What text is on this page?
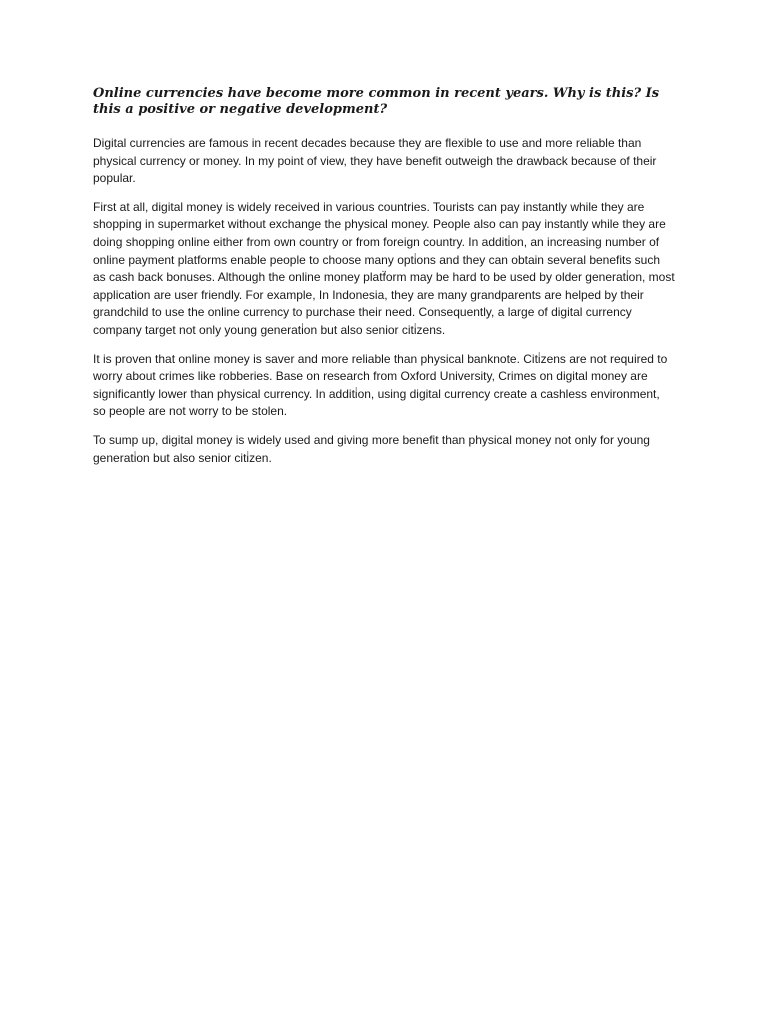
Online currencies have become more common in recent years. Why is this? Is this a positive or negative development?

Digital currencies are famous in recent decades because they are flexible to use and more reliable than physical currency or money. In my point of view, they have benefit outweigh the drawback because of their popular.

First at all, digital money is widely received in various countries. Tourists can pay instantly while they are shopping in supermarket without exchange the physical money. People also can pay instantly while they are doing shopping online either from own country or from foreign country. In additi̇on, an increasing number of online payment platforms enable people to choose many opti̇ons and they can obtain several benefits such as cash back bonuses. Although the online money platf̈orm may be hard to be used by older generati̇on, most application are user friendly. For example, In Indonesia, they are many grandparents are helped by their grandchild to use the online currency to purchase their need. Consequently, a large of digital currency company target not only young generati̇on but also senior citi̇zens.

It is proven that online money is saver and more reliable than physical banknote. Citi̇zens are not required to worry about crimes like robberies. Base on research from Oxford University, Crimes on digital money are significantly lower than physical currency. In additi̇on, using digital currency create a cashless environment, so people are not worry to be stolen.

To sump up, digital money is widely used and giving more benefit than physical money not only for young generati̇on but also senior citi̇zen.
